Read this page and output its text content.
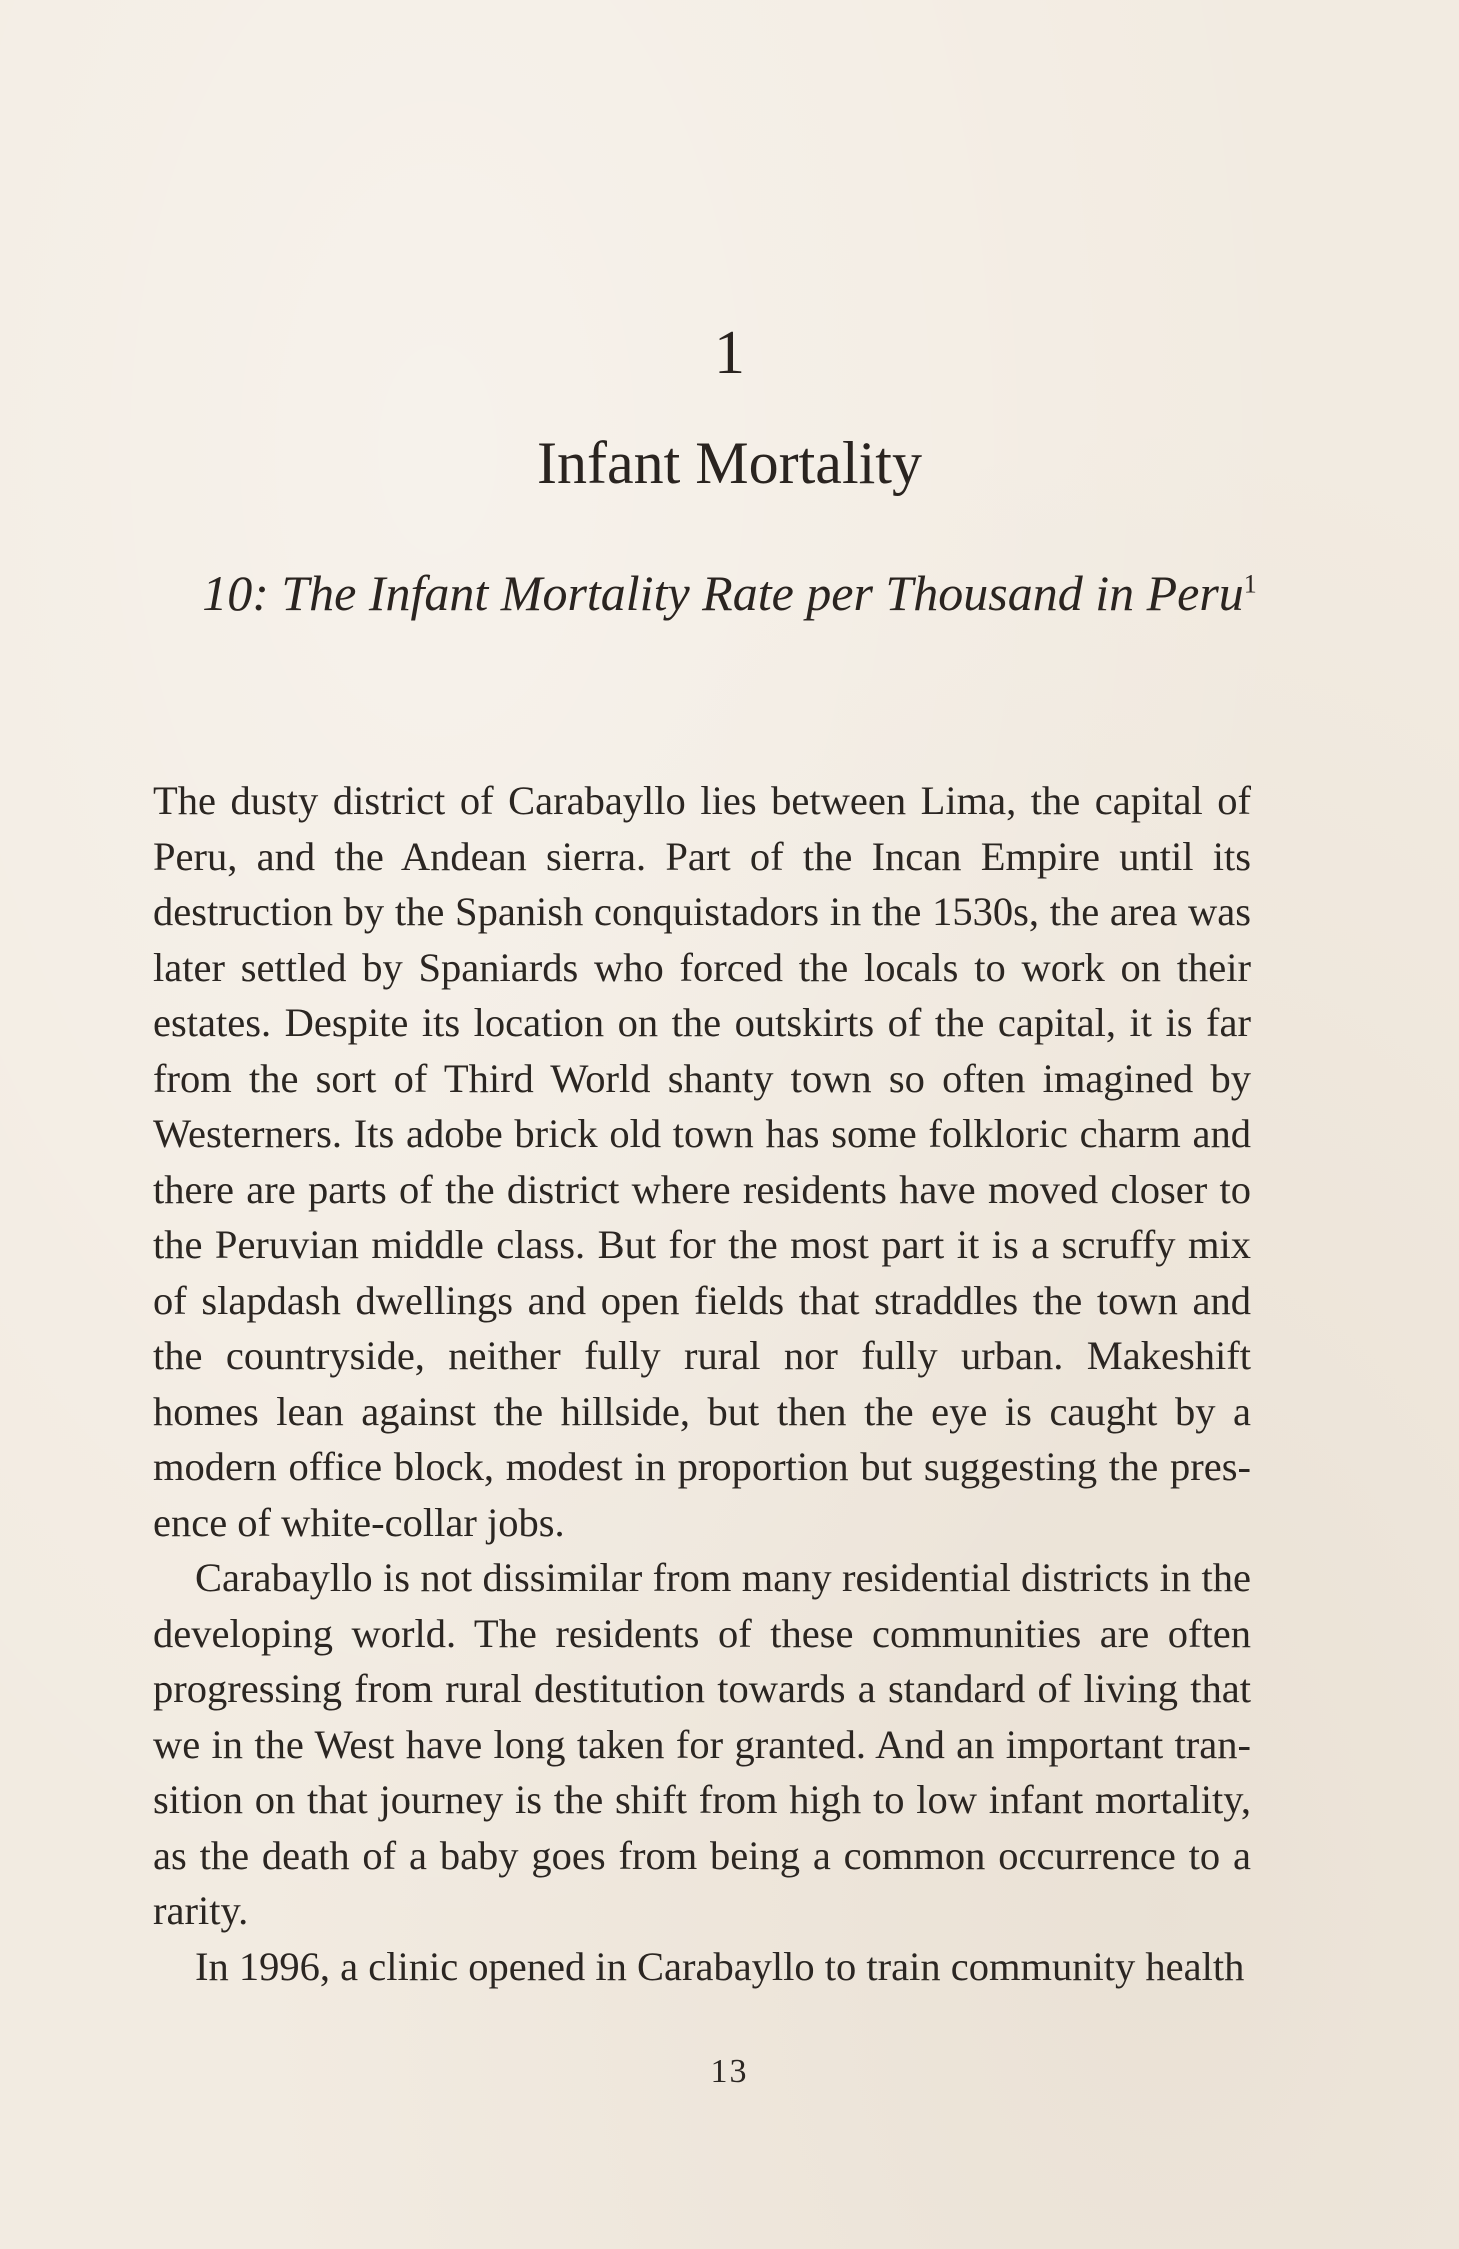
1
Infant Mortality
10: The Infant Mortality Rate per Thousand in Peru$^1$

The dusty district of Carabayllo lies between Lima, the capital of Peru, and the Andean sierra. Part of the Incan Empire until its destruction by the Spanish conquistadors in the 1530s, the area was later settled by Spaniards who forced the locals to work on their estates. Despite its location on the outskirts of the capital, it is far from the sort of Third World shanty town so often imagined by Westerners. Its adobe brick old town has some folkloric charm and there are parts of the district where residents have moved closer to the Peruvian middle class. But for the most part it is a scruffy mix of slapdash dwellings and open fields that straddles the town and the countryside, neither fully rural nor fully urban. Makeshift homes lean against the hillside, but then the eye is caught by a modern office block, modest in proportion but suggesting the presence of white-collar jobs.

Carabayllo is not dissimilar from many residential districts in the developing world. The residents of these communities are often progressing from rural destitution towards a standard of living that we in the West have long taken for granted. And an important transition on that journey is the shift from high to low infant mortality, as the death of a baby goes from being a common occurrence to a rarity.

In 1996, a clinic opened in Carabayllo to train community health

13
